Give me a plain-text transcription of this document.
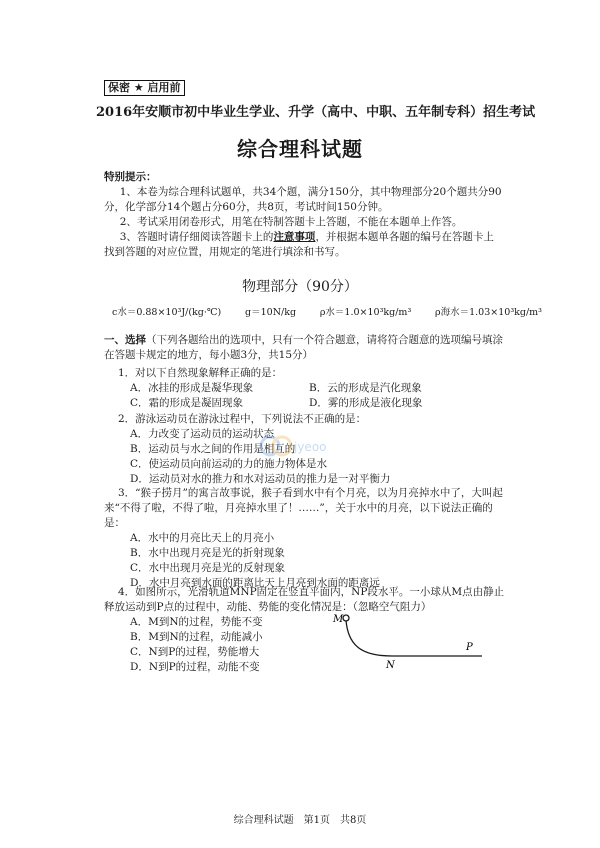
保密 ★ 启用前
2016年安顺市初中毕业生学业、升学（高中、中职、五年制专科）招生考试
综合理科试题
特别提示：

1、本卷为综合理科试题单，共34个题，满分150分，其中物理部分20个题共分90分，化学部分14个题占分60分，共8页，考试时间150分钟。

2、考试采用闭卷形式，用笔在特制答题卡上答题，不能在本题单上作答。

3、答题时请仔细阅读答题卡上的注意事项，并根据本题单各题的编号在答题卡上找到答题的对应位置，用规定的笔进行填涂和书写。

物理部分（90分）
c水＝0.88×10³J/(kg·℃)	g＝10N/kg	ρ水＝1.0×10³kg/m³	ρ海水＝1.03×10³kg/m³
一、选择（下列各题给出的选项中，只有一个符合题意，请将符合题意的选项编号填涂在答题卡规定的地方，每小题3分，共15分）

1．对以下自然现象解释正确的是：

A．冰挂的形成是凝华现象	B．云的形成是汽化现象
C．霜的形成是凝固现象	D．雾的形成是液化现象

2．游泳运动员在游泳过程中，下列说法不正确的是：

A．力改变了运动员的运动状态
B．运动员与水之间的作用是相互的
C．使运动员向前运动的力的施力物体是水
D．运动员对水的推力和水对运动员的推力是一对平衡力
jyeoo

3．“猴子捞月”的寓言故事说，猴子看到水中有个月亮，以为月亮掉水中了，大叫起来“不得了啦，不得了啦，月亮掉水里了！……”，关于水中的月亮，以下说法正确的是：

A．水中的月亮比天上的月亮小
B．水中出现月亮是光的折射现象
C．水中出现月亮是光的反射现象
D．水中月亮到水面的距离比天上月亮到水面的距离远

4．如图所示，光滑轨道MNP固定在竖直平面内，NP段水平。一小球从M点由静止释放运动到P点的过程中，动能、势能的变化情况是：（忽略空气阻力）

A．M到N的过程，势能不变
B．M到N的过程，动能减小
C．N到P的过程，势能增大
D．N到P的过程，动能不变
M
N
P
综合理科试题　第1页　共8页
